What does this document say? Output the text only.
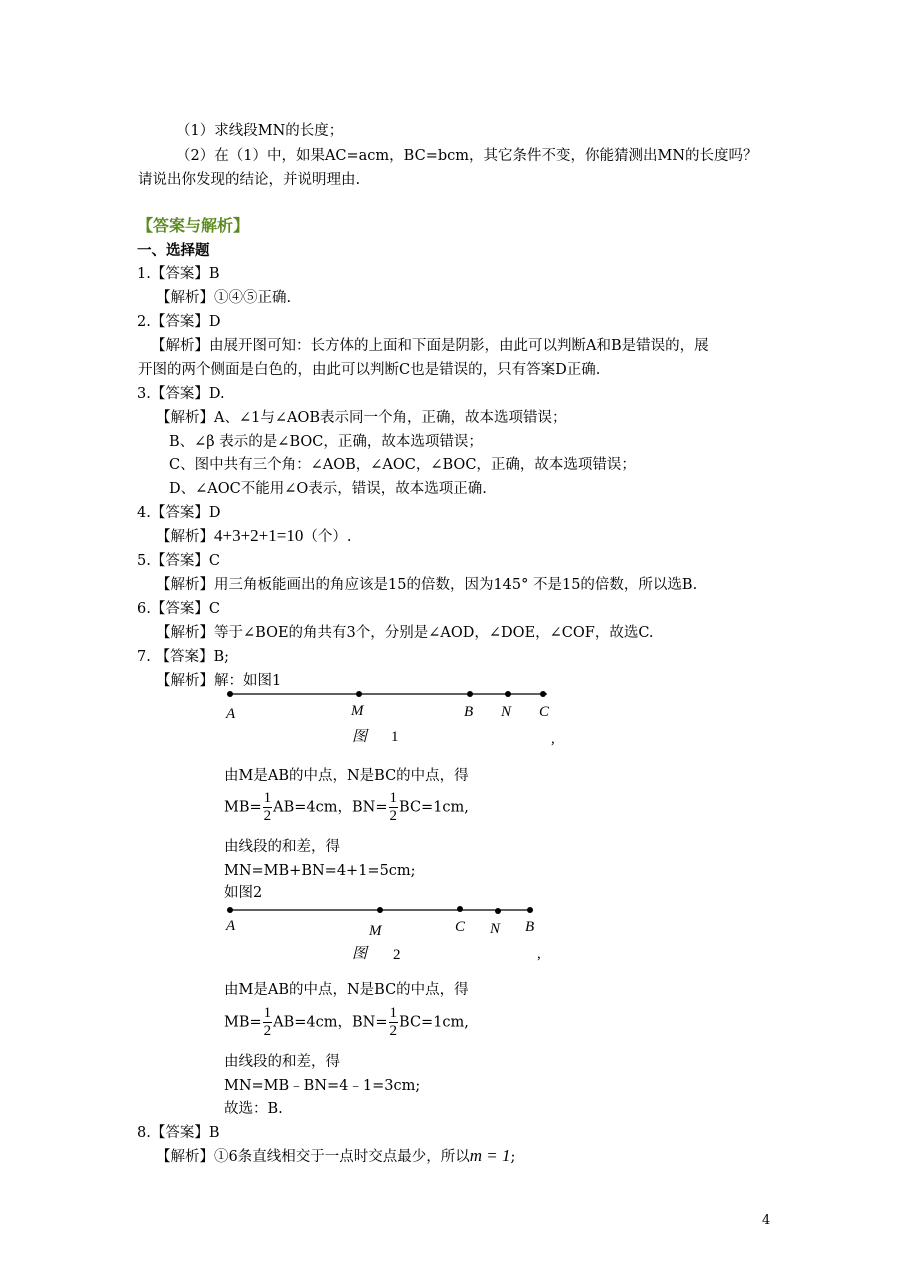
（1）求线段MN的长度；
（2）在（1）中，如果AC=acm，BC=bcm，其它条件不变，你能猜测出MN的长度吗？
请说出你发现的结论，并说明理由.
【答案与解析】
一、选择题
1.【答案】B
【解析】①④⑤正确.
2.【答案】D
【解析】由展开图可知：长方体的上面和下面是阴影，由此可以判断A和B是错误的，展
开图的两个侧面是白色的，由此可以判断C也是错误的，只有答案D正确.
3.【答案】D.
【解析】A、∠1与∠AOB表示同一个角，正确，故本选项错误；
B、∠β 表示的是∠BOC，正确，故本选项错误；
C、图中共有三个角：∠AOB，∠AOC，∠BOC，正确，故本选项错误；
D、∠AOC不能用∠O表示，错误，故本选项正确.
4.【答案】D
【解析】4+3+2+1=10（个）.
5.【答案】C
【解析】用三角板能画出的角应该是15的倍数，因为145° 不是15的倍数，所以选B.
6.【答案】C
【解析】等于∠BOE的角共有3个，分别是∠AOD，∠DOE，∠COF，故选C.
7. 【答案】B;
【解析】解：如图1
A	M	B N C
图 1	,
由M是AB的中点，N是BC的中点，得
$MB= \frac{1}{2} AB=4cm$，$BN= \frac{1}{2} BC=1cm$,
由线段的和差，得
MN=MB+BN=4+1=5cm;
如图2
A	M	C N B
图 2	,
由M是AB的中点，N是BC的中点，得
$MB= \frac{1}{2} AB=4cm$，$BN= \frac{1}{2} BC=1cm$,
由线段的和差，得
MN=MB﹣BN=4﹣1=3cm;
故选：B.
8.【答案】B
【解析】①6条直线相交于一点时交点最少，所以m = 1;
4
